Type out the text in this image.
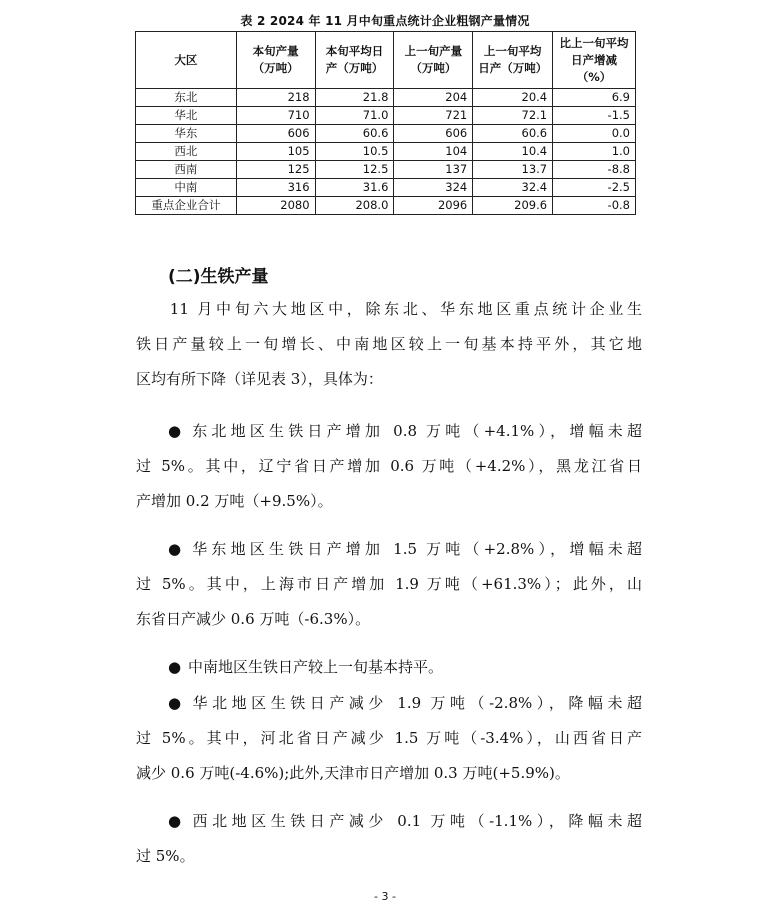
表 2 2024 年 11 月中旬重点统计企业粗钢产量情况
大区	本旬产量（万吨）	本旬平均日产（万吨）	上一旬产量（万吨）	上一旬平均日产（万吨）	比上一旬平均日产增减（%）
东北	218	21.8	204	20.4	6.9
华北	710	71.0	721	72.1	-1.5
华东	606	60.6	606	60.6	0.0
西北	105	10.5	104	10.4	1.0
西南	125	12.5	137	13.7	-8.8
中南	316	31.6	324	32.4	-2.5
重点企业合计	2080	208.0	2096	209.6	-0.8
(二)生铁产量
11 月中旬六大地区中，除东北、华东地区重点统计企业生
铁日产量较上一旬增长、中南地区较上一旬基本持平外，其它地
区均有所下降（详见表 3），具体为：
● 东北地区生铁日产增加 0.8 万吨（+4.1%），增幅未超
过 5%。其中，辽宁省日产增加 0.6 万吨（+4.2%），黑龙江省日
产增加 0.2 万吨（+9.5%）。
● 华东地区生铁日产增加 1.5 万吨（+2.8%），增幅未超
过 5%。其中，上海市日产增加 1.9 万吨（+61.3%）；此外，山
东省日产减少 0.6 万吨（-6.3%）。
● 中南地区生铁日产较上一旬基本持平。
● 华北地区生铁日产减少 1.9 万吨（-2.8%），降幅未超
过 5%。其中，河北省日产减少 1.5 万吨（-3.4%），山西省日产
减少 0.6 万吨(-4.6%);此外,天津市日产增加 0.3 万吨(+5.9%)。
● 西北地区生铁日产减少 0.1 万吨（-1.1%），降幅未超
过 5%。
- 3 -
